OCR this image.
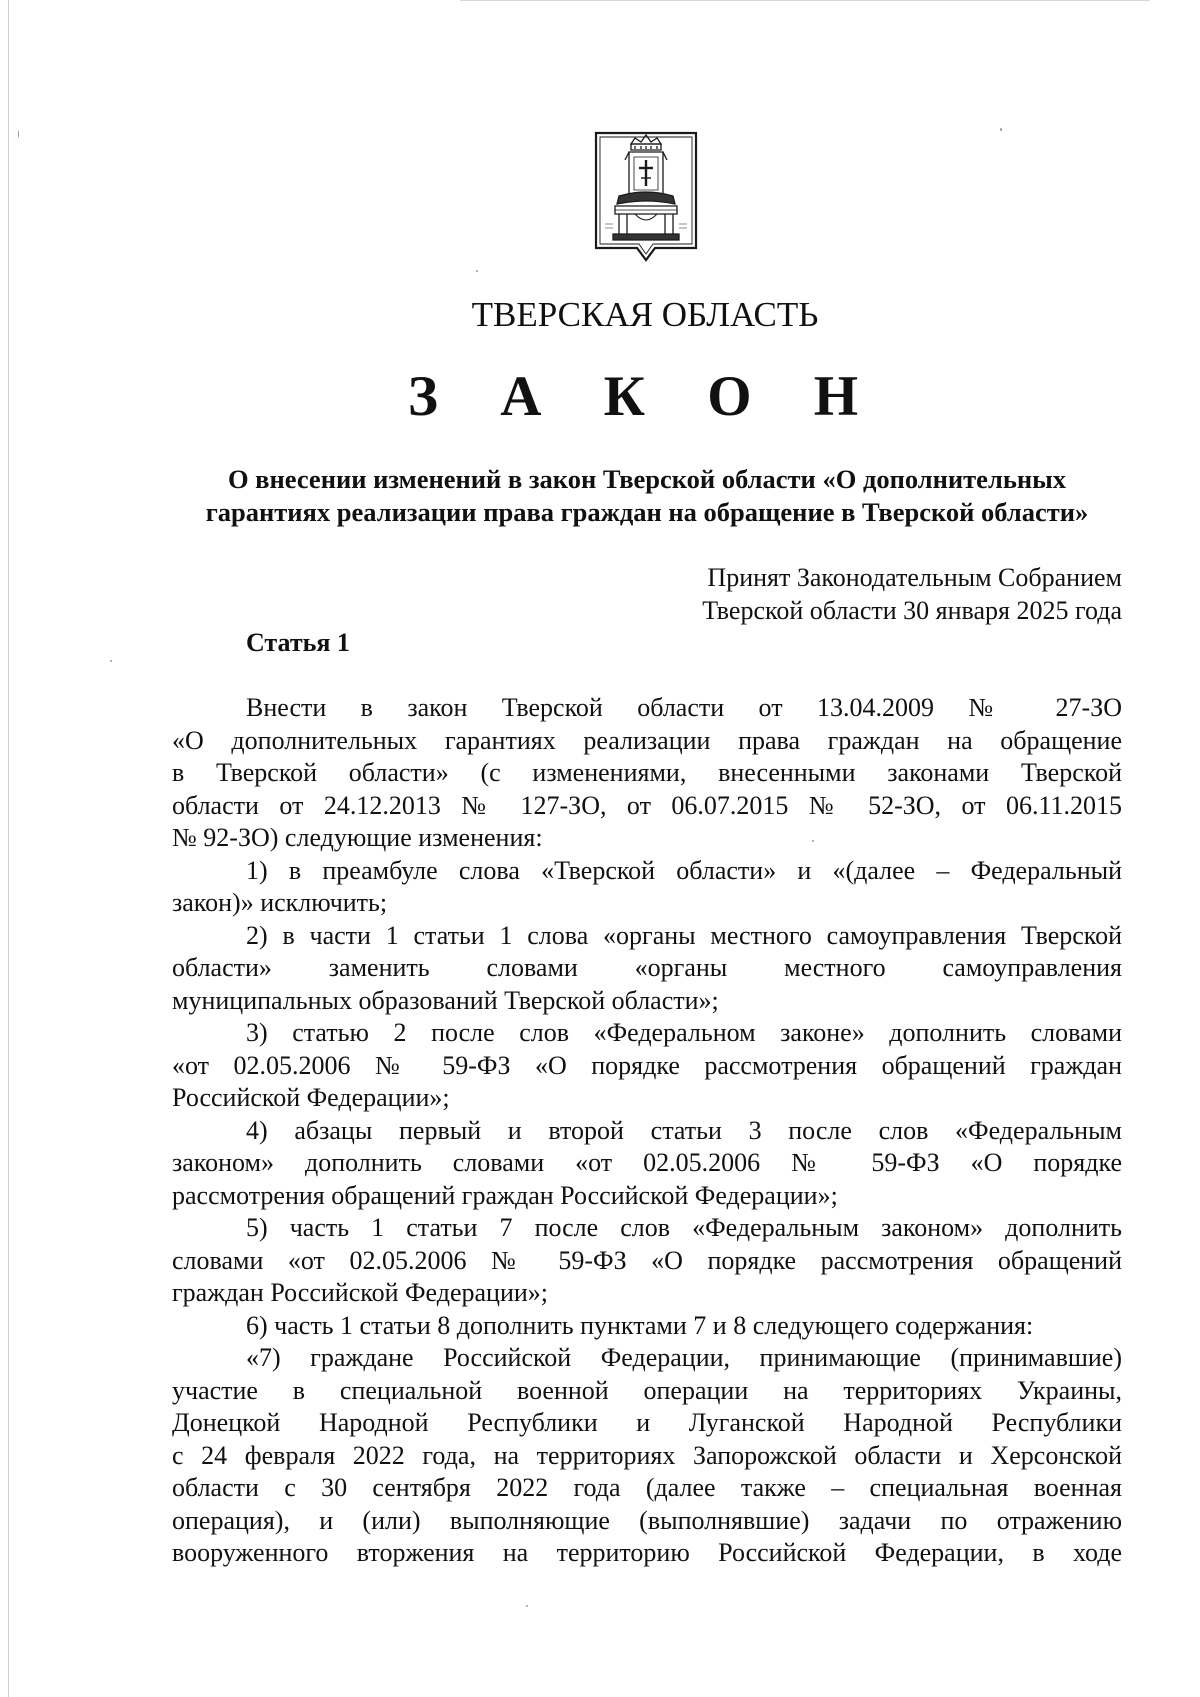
ТВЕРСКАЯ ОБЛАСТЬ
З А К О Н
О внесении изменений в закон Тверской области «О дополнительных
гарантиях реализации права граждан на обращение в Тверской области»
Принят Законодательным Собранием
Тверской области 30 января 2025 года
Статья 1
Внести в закон Тверской области от 13.04.2009 № 27-ЗО
«О дополнительных гарантиях реализации права граждан на обращение
в Тверской области» (с изменениями, внесенными законами Тверской
области от 24.12.2013 № 127-ЗО, от 06.07.2015 № 52-ЗО, от 06.11.2015
№ 92-ЗО) следующие изменения:
1) в преамбуле слова «Тверской области» и «(далее – Федеральный
закон)» исключить;
2) в части 1 статьи 1 слова «органы местного самоуправления Тверской
области» заменить словами «органы местного самоуправления
муниципальных образований Тверской области»;
3) статью 2 после слов «Федеральном законе» дополнить словами
«от 02.05.2006 № 59-ФЗ «О порядке рассмотрения обращений граждан
Российской Федерации»;
4) абзацы первый и второй статьи 3 после слов «Федеральным
законом» дополнить словами «от 02.05.2006 № 59-ФЗ «О порядке
рассмотрения обращений граждан Российской Федерации»;
5) часть 1 статьи 7 после слов «Федеральным законом» дополнить
словами «от 02.05.2006 № 59-ФЗ «О порядке рассмотрения обращений
граждан Российской Федерации»;
6) часть 1 статьи 8 дополнить пунктами 7 и 8 следующего содержания:
«7) граждане Российской Федерации, принимающие (принимавшие)
участие в специальной военной операции на территориях Украины,
Донецкой Народной Республики и Луганской Народной Республики
с 24 февраля 2022 года, на территориях Запорожской области и Херсонской
области с 30 сентября 2022 года (далее также – специальная военная
операция), и (или) выполняющие (выполнявшие) задачи по отражению
вооруженного вторжения на территорию Российской Федерации, в ходе
